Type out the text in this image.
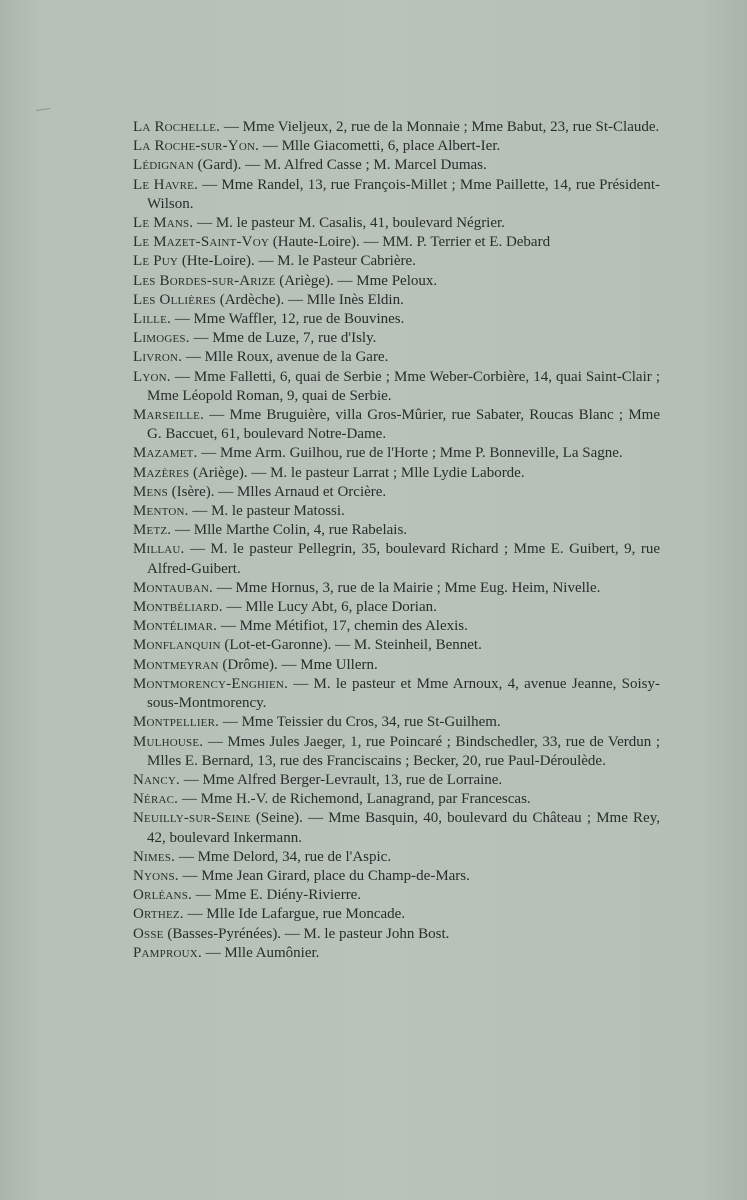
La Rochelle. — Mme Vieljeux, 2, rue de la Monnaie ; Mme Babut, 23, rue St-Claude.
La Roche-sur-Yon. — Mlle Giacometti, 6, place Albert-Ier.
Lédignan (Gard). — M. Alfred Casse ; M. Marcel Dumas.
Le Havre. — Mme Randel, 13, rue François-Millet ; Mme Paillette, 14, rue Président-Wilson.
Le Mans. — M. le pasteur M. Casalis, 41, boulevard Négrier.
Le Mazet-Saint-Voy (Haute-Loire). — MM. P. Terrier et E. Debard
Le Puy (Hte-Loire). — M. le Pasteur Cabrière.
Les Bordes-sur-Arize (Ariège). — Mme Peloux.
Les Ollières (Ardèche). — Mlle Inès Eldin.
Lille. — Mme Waffler, 12, rue de Bouvines.
Limoges. — Mme de Luze, 7, rue d'Isly.
Livron. — Mlle Roux, avenue de la Gare.
Lyon. — Mme Falletti, 6, quai de Serbie ; Mme Weber-Corbière, 14, quai Saint-Clair ; Mme Léopold Roman, 9, quai de Serbie.
Marseille. — Mme Bruguière, villa Gros-Mûrier, rue Sabater, Roucas Blanc ; Mme G. Baccuet, 61, boulevard Notre-Dame.
Mazamet. — Mme Arm. Guilhou, rue de l'Horte ; Mme P. Bonneville, La Sagne.
Mazères (Ariège). — M. le pasteur Larrat ; Mlle Lydie Laborde.
Mens (Isère). — Mlles Arnaud et Orcière.
Menton. — M. le pasteur Matossi.
Metz. — Mlle Marthe Colin, 4, rue Rabelais.
Millau. — M. le pasteur Pellegrin, 35, boulevard Richard ; Mme E. Guibert, 9, rue Alfred-Guibert.
Montauban. — Mme Hornus, 3, rue de la Mairie ; Mme Eug. Heim, Nivelle.
Montbéliard. — Mlle Lucy Abt, 6, place Dorian.
Montélimar. — Mme Métifiot, 17, chemin des Alexis.
Monflanquin (Lot-et-Garonne). — M. Steinheil, Bennet.
Montmeyran (Drôme). — Mme Ullern.
Montmorency-Enghien. — M. le pasteur et Mme Arnoux, 4, avenue Jeanne, Soisy-sous-Montmorency.
Montpellier. — Mme Teissier du Cros, 34, rue St-Guilhem.
Mulhouse. — Mmes Jules Jaeger, 1, rue Poincaré ; Bindschedler, 33, rue de Verdun ; Mlles E. Bernard, 13, rue des Franciscains ; Becker, 20, rue Paul-Déroulède.
Nancy. — Mme Alfred Berger-Levrault, 13, rue de Lorraine.
Nérac. — Mme H.-V. de Richemond, Lanagrand, par Francescas.
Neuilly-sur-Seine (Seine). — Mme Basquin, 40, boulevard du Château ; Mme Rey, 42, boulevard Inkermann.
Nimes. — Mme Delord, 34, rue de l'Aspic.
Nyons. — Mme Jean Girard, place du Champ-de-Mars.
Orléans. — Mme E. Diény-Rivierre.
Orthez. — Mlle Ide Lafargue, rue Moncade.
Osse (Basses-Pyrénées). — M. le pasteur John Bost.
Pamproux. — Mlle Aumônier.
